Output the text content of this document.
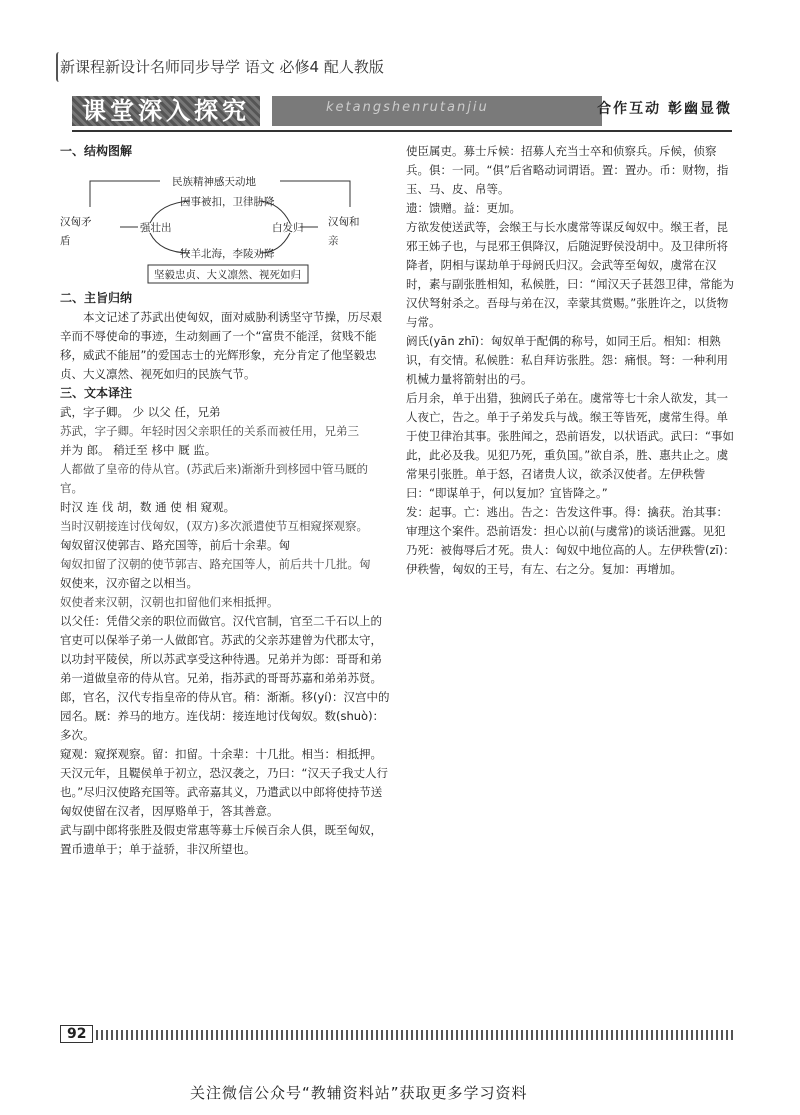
新课程新设计名师同步导学 语文 必修4 配人教版
课堂深入探究	ketangshenrutanjiu	合作互动 彰幽显微

一、结构图解

民族精神感天动地
因事被扣，卫律胁降
汉匈矛盾
强壮出	白发归 汉匈和亲
牧羊北海，李陵劝降
坚毅忠贞、大义凛然、视死如归

二、主旨归纳

本文记述了苏武出使匈奴，面对威胁利诱坚守节操，历尽艰辛而不辱使命的事迹，生动刻画了一个“富贵不能淫，贫贱不能移，威武不能屈”的爱国志士的光辉形象，充分肯定了他坚毅忠贞、大义凛然、视死如归的民族气节。

三、文本译注

武，字子卿。 少 以父 任，兄弟
苏武，字子卿。年轻时因父亲职任的关系而被任用，兄弟三
并为 郎。 稍迁至 栘中 厩 监。
人都做了皇帝的侍从官。(苏武后来)渐渐升到栘园中管马厩的官。
时汉 连 伐 胡，数 通 使 相 窥观。
当时汉朝接连讨伐匈奴，(双方)多次派遣使节互相窥探观察。
匈奴留汉使郭吉、路充国等，前后十余辈。匈
匈奴扣留了汉朝的使节郭吉、路充国等人，前后共十几批。匈
奴使来，汉亦留之以相当。
奴使者来汉朝，汉朝也扣留他们来相抵押。
以父任：凭借父亲的职位而做官。汉代官制，官至二千石以上的官吏可以保举子弟一人做郎官。苏武的父亲苏建曾为代郡太守，以功封平陵侯，所以苏武享受这种待遇。兄弟并为郎：哥哥和弟弟一道做皇帝的侍从官。兄弟，指苏武的哥哥苏嘉和弟弟苏贤。郎，官名，汉代专指皇帝的侍从官。稍：渐渐。移(yí)：汉宫中的园名。厩：养马的地方。连伐胡：接连地讨伐匈奴。数(shuò)：多次。
窥观：窥探观察。留：扣留。十余辈：十几批。相当：相抵押。
天汉元年，且鞮侯单于初立，恐汉袭之，乃曰：“汉天子我丈人行也。”尽归汉使路充国等。武帝嘉其义，乃遣武以中郎将使持节送匈奴使留在汉者，因厚赂单于，答其善意。
武与副中郎将张胜及假吏常惠等募士斥候百余人俱，既至匈奴，置币遗单于；单于益骄，非汉所望也。
使臣属吏。募士斥候：招募人充当士卒和侦察兵。斥候，侦察兵。俱：一同。“俱”后省略动词谓语。置：置办。币：财物，指玉、马、皮、帛等。
遗：馈赠。益：更加。
方欲发使送武等，会缑王与长水虞常等谋反匈奴中。缑王者，昆邪王姊子也，与昆邪王俱降汉，后随浞野侯没胡中。及卫律所将降者，阴相与谋劫单于母阏氏归汉。会武等至匈奴，虞常在汉时，素与副张胜相知，私候胜，曰：“闻汉天子甚怨卫律，常能为汉伏弩射杀之。吾母与弟在汉，幸蒙其赏赐。”张胜许之，以货物与常。
阏氏(yān zhī)：匈奴单于配偶的称号，如同王后。相知：相熟识，有交情。私候胜：私自拜访张胜。怨：痛恨。弩：一种利用机械力量将箭射出的弓。
后月余，单于出猎，独阏氏子弟在。虞常等七十余人欲发，其一人夜亡，告之。单于子弟发兵与战。缑王等皆死，虞常生得。单于使卫律治其事。张胜闻之，恐前语发，以状语武。武曰：“事如此，此必及我。见犯乃死，重负国。”欲自杀，胜、惠共止之。虞常果引张胜。单于怒，召诸贵人议，欲杀汉使者。左伊秩訾曰：“即谋单于，何以复加？宜皆降之。”
发：起事。亡：逃出。告之：告发这件事。得：擒获。治其事：审理这个案件。恐前语发：担心以前(与虞常)的谈话泄露。见犯乃死：被侮辱后才死。贵人：匈奴中地位高的人。左伊秩訾(zī)：伊秩訾，匈奴的王号，有左、右之分。复加：再增加。
92
关注微信公众号“教辅资料站”获取更多学习资料
